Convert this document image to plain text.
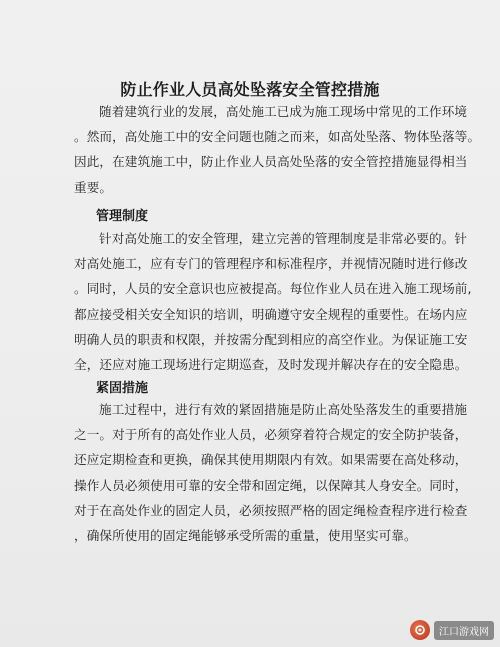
防止作业人员高处坠落安全管控措施
随着建筑行业的发展，高处施工已成为施工现场中常见的工作环境
。然而，高处施工中的安全问题也随之而来，如高处坠落、物体坠落等。
因此，在建筑施工中，防止作业人员高处坠落的安全管控措施显得相当
重要。
管理制度
针对高处施工的安全管理，建立完善的管理制度是非常必要的。针
对高处施工，应有专门的管理程序和标准程序，并视情况随时进行修改
。同时，人员的安全意识也应被提高。每位作业人员在进入施工现场前,
都应接受相关安全知识的培训，明确遵守安全规程的重要性。在场内应
明确人员的职责和权限，并按需分配到相应的高空作业。为保证施工安
全，还应对施工现场进行定期巡查，及时发现并解决存在的安全隐患。
紧固措施
施工过程中，进行有效的紧固措施是防止高处坠落发生的重要措施
之一。对于所有的高处作业人员，必须穿着符合规定的安全防护装备，
还应定期检查和更换，确保其使用期限内有效。如果需要在高处移动，
操作人员必须使用可靠的安全带和固定绳，以保障其人身安全。同时，
对于在高处作业的固定人员，必须按照严格的固定绳检查程序进行检查
，确保所使用的固定绳能够承受所需的重量，使用坚实可靠。
江口游戏网
